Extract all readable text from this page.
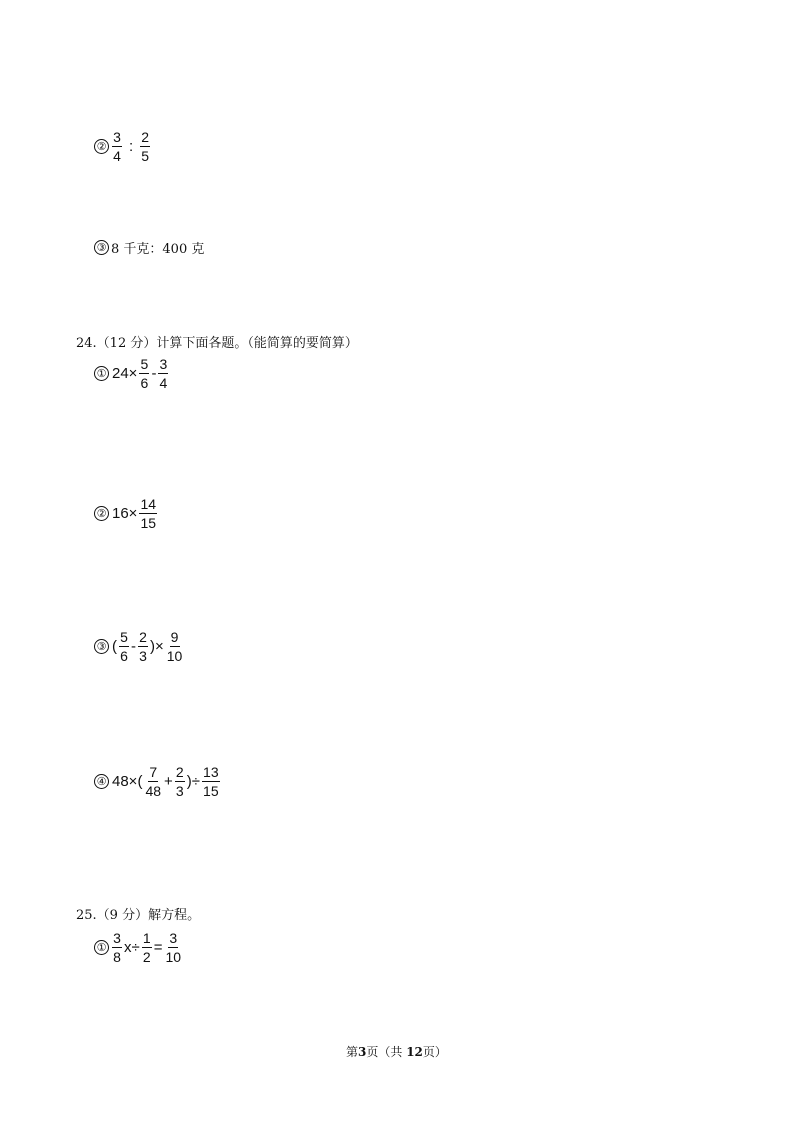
② $\frac{3}{4}$ : $\frac{2}{5}$
③ 8 千克：400 克
24.（12 分）计算下面各题。（能简算的要简算）
① $24\times \frac{5}{6} - \frac{3}{4}$
② $16\times \frac{14}{15}$
③ ( $\frac{5}{6} - \frac{2}{3}$ )× $\frac{9}{10}$
④ $48\times( \frac{7}{48} + \frac{2}{3}$ )÷ $\frac{13}{15}$
25.（9 分）解方程。
① $\frac{3}{8} x\div \frac{1}{2} = \frac{3}{10}$
第3页（共 12页）
